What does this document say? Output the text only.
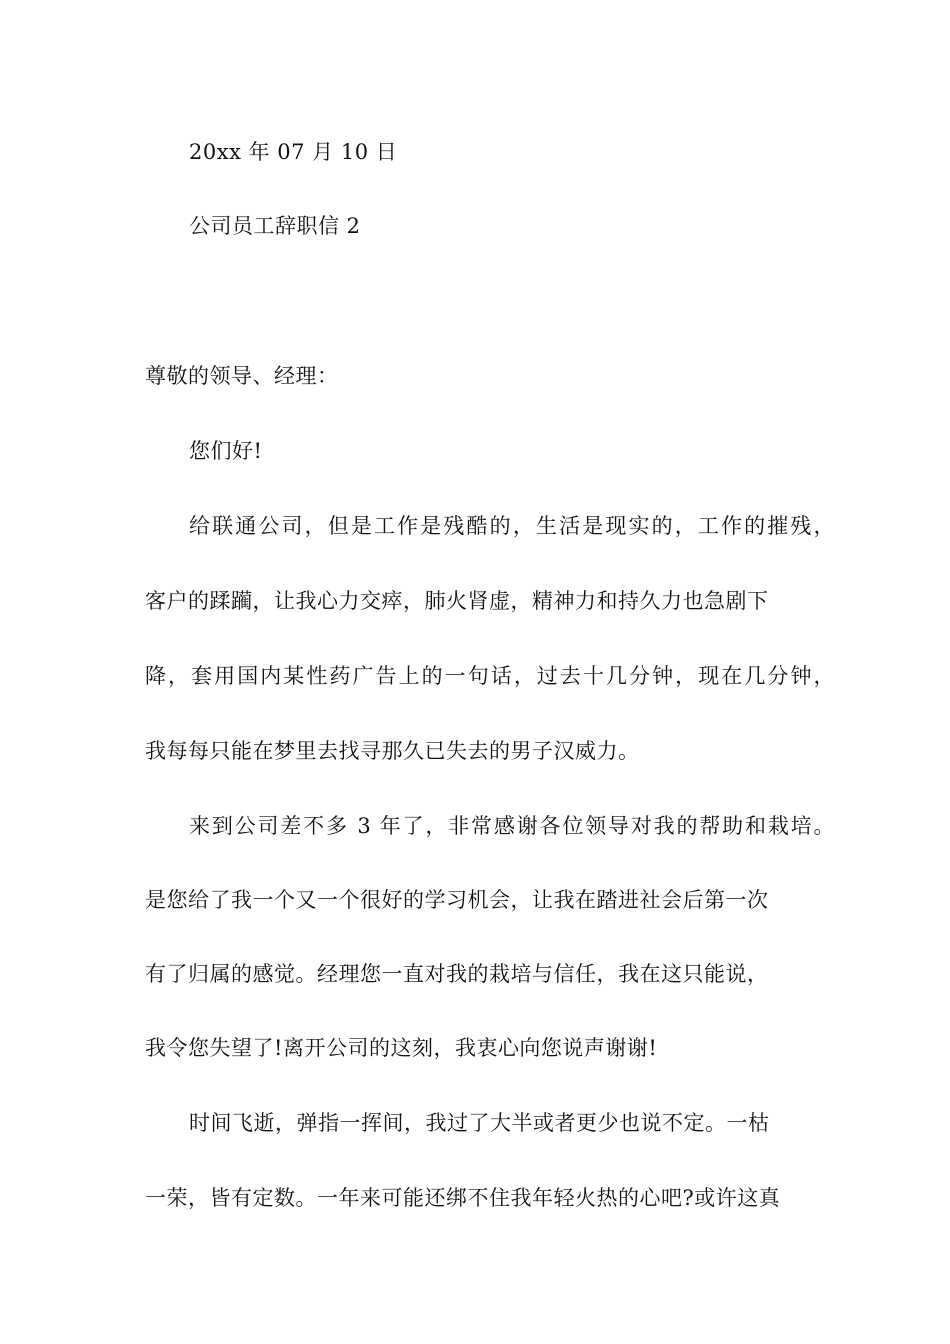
20xx 年 07 月 10 日
公司员工辞职信 2
尊敬的领导、经理：
您们好!
给联通公司，但是工作是残酷的，生活是现实的，工作的摧残，
客户的蹂躏，让我心力交瘁，肺火肾虚，精神力和持久力也急剧下
降，套用国内某性药广告上的一句话，过去十几分钟，现在几分钟，
我每每只能在梦里去找寻那久已失去的男子汉威力。
来到公司差不多 3 年了，非常感谢各位领导对我的帮助和栽培。
是您给了我一个又一个很好的学习机会，让我在踏进社会后第一次
有了归属的感觉。经理您一直对我的栽培与信任，我在这只能说，
我令您失望了!离开公司的这刻，我衷心向您说声谢谢!
时间飞逝，弹指一挥间，我过了大半或者更少也说不定。一枯
一荣，皆有定数。一年来可能还绑不住我年轻火热的心吧?或许这真
